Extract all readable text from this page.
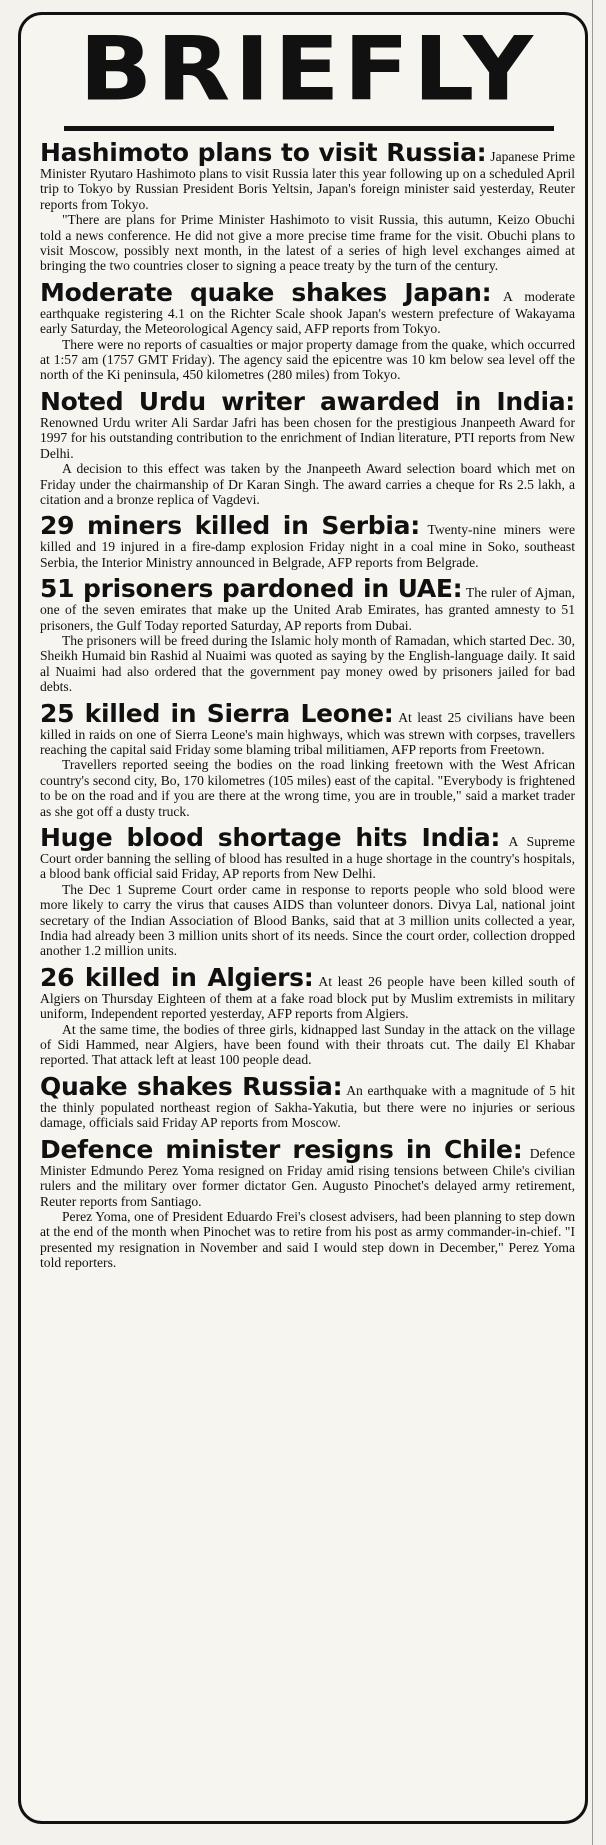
BRIEFLY

Hashimoto plans to visit Russia: Japanese Prime Minister Ryutaro Hashimoto plans to visit Russia later this year following up on a scheduled April trip to Tokyo by Russian President Boris Yeltsin, Japan's foreign minister said yesterday, Reuter reports from Tokyo.

"There are plans for Prime Minister Hashimoto to visit Russia, this autumn, Keizo Obuchi told a news conference. He did not give a more precise time frame for the visit. Obuchi plans to visit Moscow, possibly next month, in the latest of a series of high level exchanges aimed at bringing the two countries closer to signing a peace treaty by the turn of the century.

Moderate quake shakes Japan: A moderate earthquake registering 4.1 on the Richter Scale shook Japan's western prefecture of Wakayama early Saturday, the Meteorological Agency said, AFP reports from Tokyo.

There were no reports of casualties or major property damage from the quake, which occurred at 1:57 am (1757 GMT Friday). The agency said the epicentre was 10 km below sea level off the north of the Ki peninsula, 450 kilometres (280 miles) from Tokyo.

Noted Urdu writer awarded in India: Renowned Urdu writer Ali Sardar Jafri has been chosen for the prestigious Jnanpeeth Award for 1997 for his outstanding contribution to the enrichment of Indian literature, PTI reports from New Delhi.

A decision to this effect was taken by the Jnanpeeth Award selection board which met on Friday under the chairmanship of Dr Karan Singh. The award carries a cheque for Rs 2.5 lakh, a citation and a bronze replica of Vagdevi.

29 miners killed in Serbia: Twenty-nine miners were killed and 19 injured in a fire-damp explosion Friday night in a coal mine in Soko, southeast Serbia, the Interior Ministry announced in Belgrade, AFP reports from Belgrade.

51 prisoners pardoned in UAE: The ruler of Ajman, one of the seven emirates that make up the United Arab Emirates, has granted amnesty to 51 prisoners, the Gulf Today reported Saturday, AP reports from Dubai.

The prisoners will be freed during the Islamic holy month of Ramadan, which started Dec. 30, Sheikh Humaid bin Rashid al Nuaimi was quoted as saying by the English-language daily. It said al Nuaimi had also ordered that the government pay money owed by prisoners jailed for bad debts.

25 killed in Sierra Leone: At least 25 civilians have been killed in raids on one of Sierra Leone's main highways, which was strewn with corpses, travellers reaching the capital said Friday some blaming tribal militiamen, AFP reports from Freetown.

Travellers reported seeing the bodies on the road linking freetown with the West African country's second city, Bo, 170 kilometres (105 miles) east of the capital. "Everybody is frightened to be on the road and if you are there at the wrong time, you are in trouble," said a market trader as she got off a dusty truck.

Huge blood shortage hits India: A Supreme Court order banning the selling of blood has resulted in a huge shortage in the country's hospitals, a blood bank official said Friday, AP reports from New Delhi.

The Dec 1 Supreme Court order came in response to reports people who sold blood were more likely to carry the virus that causes AIDS than volunteer donors. Divya Lal, national joint secretary of the Indian Association of Blood Banks, said that at 3 million units collected a year, India had already been 3 million units short of its needs. Since the court order, collection dropped another 1.2 million units.

26 killed in Algiers: At least 26 people have been killed south of Algiers on Thursday Eighteen of them at a fake road block put by Muslim extremists in military uniform, Independent reported yesterday, AFP reports from Algiers.

At the same time, the bodies of three girls, kidnapped last Sunday in the attack on the village of Sidi Hammed, near Algiers, have been found with their throats cut. The daily El Khabar reported. That attack left at least 100 people dead.

Quake shakes Russia: An earthquake with a magnitude of 5 hit the thinly populated northeast region of Sakha-Yakutia, but there were no injuries or serious damage, officials said Friday AP reports from Moscow.

Defence minister resigns in Chile: Defence Minister Edmundo Perez Yoma resigned on Friday amid rising tensions between Chile's civilian rulers and the military over former dictator Gen. Augusto Pinochet's delayed army retirement, Reuter reports from Santiago.

Perez Yoma, one of President Eduardo Frei's closest advisers, had been planning to step down at the end of the month when Pinochet was to retire from his post as army commander-in-chief. "I presented my resignation in November and said I would step down in December," Perez Yoma told reporters.
